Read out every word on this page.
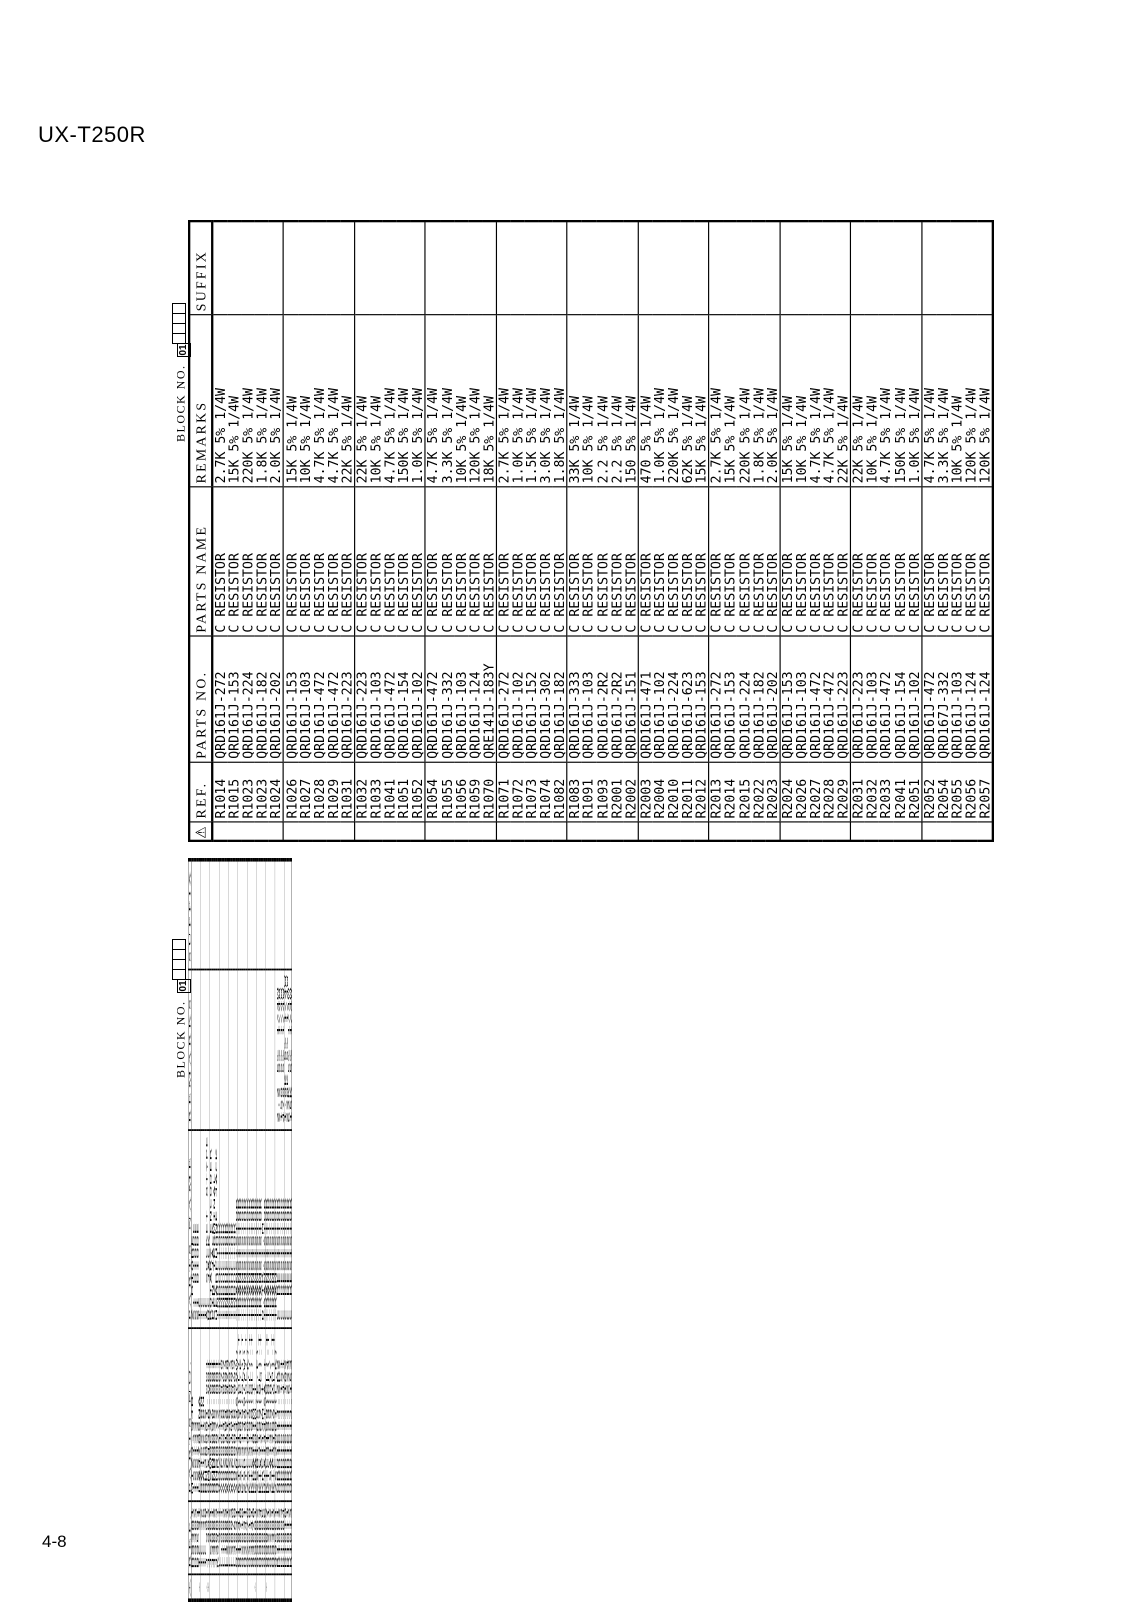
UX-T250R
4-8
⚠	REF.	PARTS NO.	PARTS NAME	REMARKS	SUFFIX
	D9301	MTZ3-9JB	Z DIODE		
	D9302	1SS133	SI DIODE		
	D9303	1SS133	SI DIODE		
	D9501	1SS133	SI DIODE		
⚠	IC 31	LA4705NA	IC		
	IC 32	BA15218N	IC		
	IC 35	BA15218N	IC		
	IC 38	BH3852S	IC		
⚠	901	QNC0001-001	AC SOCKET 8TYPE		
⚠	902	QMA431B-V01	DC JACK		
	JS801	QSW0547-001	ROTARY ENCODER		
	J3001	QNN0090-001	PIN JACK		
	J3002	QNB0035-001	SPK TERMINAL		
	J3003	QNS0072-001	HEADPHONE JACK		
	K9401	QQR0272-001	INDUCTOR		
	901	VQZ0113-001	INDUCTOR		
	L1001	VQP0018-470	INDUCTOR		
	L1002	VQZ0048-007	INDUCTOR		
	L1003	VQZ0104-003	INDUCTOR		
	L2001	VQP0018-470	INDUCTOR		
	L2002	VQZ0048-007	INDUCTOR		
	L2003	VQZ0104-003	INDUCTOR		
	L3070	VQP0018-470	INDUCTOR		
	L3080	VQZ0048-007	INDUCTOR		
	Q1031	2SD2144S(VW)	TRANSISTOR		
	Q1041	KTC3199(GL)-T	TRANSISTOR		
	Q1070	2SC2001(L,K)	TRANSISTOR		
	Q2010	KTC3199(GL)-T	TRANSISTOR		
	Q2031	2SD2144S(VW)	TRANSISTOR		
	Q2041	KTC3199(GL)-T	TRANSISTOR		
	Q2070	2SC2001(L,K)	TRANSISTOR		
	Q3010	KTC3199(GL)-T	TRANSISTOR		
	Q3041	KTC3199(GL)-T	TRANSISTOR		
	Q3070	KRA101M-T	TRANSISTOR		
⚠	Q9001	KRA101M-T	TRANSISTOR		
	Q9002	2SB1565(E,F)	TRANSISTOR		
	Q9003	KTC3199(GL)-T	TRANSISTOR		
	Q9004	KTA1267(YG)-T	TRANSISTOR		
	Q9005	KRC114M-T	D.TR.I.M		
	Q9006	DTA144TSA-T	TRANSISTOR		
⚠	Q9007	KTC3199(GL)-T	TRANSISTOR		
	Q9201	KTC3199(GL)-T	TRANSISTOR		
	Q9202	2SA1359(OY/	TRANSISTOR		
	Q9301	KTA1267(YG)-T	TRANSISTOR		
	Q9302	KTC3199(GL)-T	TRANSISTOR		
	Q9501	2SC2001(L,K)	TRANSISTOR		
	R1001	QRD161J-2R2	RESISTOR	2.2 5% 1/4W	
	R1002	QRD161J-2R2	RESISTOR	2.2 5% 1/4W	
	R1003	QRD161J-151	RESISTOR	150 5% 1/4W	
	R1004	QRD161J-471	RESISTOR	470 5% 1/4W	
	R1010	QRD161J-102	RESISTOR	1.0K 5% 1/4W	
	R1011	QRD161J-224	RESISTOR	220K 5% 1/4W	
	R1012	QRD161J-623	RESISTOR	62K 5% 1/4W	
	R1013	QRD161J-153	C RESISTOR	15K 5% 1/4W	
BLOCK NO. 01
⚠	REF.	PARTS NO.	PARTS NAME	REMARKS	SUFFIX
	R1014	QRD161J-272	C RESISTOR	2.7K 5% 1/4W	
	R1015	QRD161J-153	C RESISTOR	15K 5% 1/4W	
	R1023	QRD161J-224	C RESISTOR	220K 5% 1/4W	
	R1023	QRD161J-182	C RESISTOR	1.8K 5% 1/4W	
	R1024	QRD161J-202	C RESISTOR	2.0K 5% 1/4W	
	R1026	QRD161J-153	C RESISTOR	15K 5% 1/4W	
	R1027	QRD161J-103	C RESISTOR	10K 5% 1/4W	
	R1028	QRD161J-472	C RESISTOR	4.7K 5% 1/4W	
	R1029	QRD161J-472	C RESISTOR	4.7K 5% 1/4W	
	R1031	QRD161J-223	C RESISTOR	22K 5% 1/4W	
	R1032	QRD161J-223	C RESISTOR	22K 5% 1/4W	
	R1033	QRD161J-103	C RESISTOR	10K 5% 1/4W	
	R1041	QRD161J-472	C RESISTOR	4.7K 5% 1/4W	
	R1051	QRD161J-154	C RESISTOR	150K 5% 1/4W	
	R1052	QRD161J-102	C RESISTOR	1.0K 5% 1/4W	
	R1054	QRD161J-472	C RESISTOR	4.7K 5% 1/4W	
	R1055	QRD161J-332	C RESISTOR	3.3K 5% 1/4W	
	R1056	QRD161J-103	C RESISTOR	10K 5% 1/4W	
	R1059	QRD161J-124	C RESISTOR	120K 5% 1/4W	
	R1070	QRE141J-183Y	C RESISTOR	18K 5% 1/4W	
	R1071	QRD161J-272	C RESISTOR	2.7K 5% 1/4W	
	R1072	QRD161J-102	C RESISTOR	1.0K 5% 1/4W	
	R1073	QRD161J-152	C RESISTOR	1.5K 5% 1/4W	
	R1074	QRD161J-302	C RESISTOR	3.0K 5% 1/4W	
	R1082	QRD161J-182	C RESISTOR	1.8K 5% 1/4W	
	R1083	QRD161J-333	C RESISTOR	33K 5% 1/4W	
	R1091	QRD161J-103	C RESISTOR	10K 5% 1/4W	
	R1093	QRD161J-2R2	C RESISTOR	2.2 5% 1/4W	
	R2001	QRD161J-2R2	C RESISTOR	2.2 5% 1/4W	
	R2002	QRD161J-151	C RESISTOR	150 5% 1/4W	
	R2003	QRD161J-471	C RESISTOR	470 5% 1/4W	
	R2004	QRD161J-102	C RESISTOR	1.0K 5% 1/4W	
	R2010	QRD161J-224	C RESISTOR	220K 5% 1/4W	
	R2011	QRD161J-623	C RESISTOR	62K 5% 1/4W	
	R2012	QRD161J-153	C RESISTOR	15K 5% 1/4W	
	R2013	QRD161J-272	C RESISTOR	2.7K 5% 1/4W	
	R2014	QRD161J-153	C RESISTOR	15K 5% 1/4W	
	R2015	QRD161J-224	C RESISTOR	220K 5% 1/4W	
	R2022	QRD161J-182	C RESISTOR	1.8K 5% 1/4W	
	R2023	QRD161J-202	C RESISTOR	2.0K 5% 1/4W	
	R2024	QRD161J-153	C RESISTOR	15K 5% 1/4W	
	R2026	QRD161J-103	C RESISTOR	10K 5% 1/4W	
	R2027	QRD161J-472	C RESISTOR	4.7K 5% 1/4W	
	R2028	QRD161J-472	C RESISTOR	4.7K 5% 1/4W	
	R2029	QRD161J-223	C RESISTOR	22K 5% 1/4W	
	R2031	QRD161J-223	C RESISTOR	22K 5% 1/4W	
	R2032	QRD161J-103	C RESISTOR	10K 5% 1/4W	
	R2033	QRD161J-472	C RESISTOR	4.7K 5% 1/4W	
	R2041	QRD161J-154	C RESISTOR	150K 5% 1/4W	
	R2051	QRD161J-102	C RESISTOR	1.0K 5% 1/4W	
	R2052	QRD161J-472	C RESISTOR	4.7K 5% 1/4W	
	R2054	QRD167J-332	C RESISTOR	3.3K 5% 1/4W	
	R2055	QRD161J-103	C RESISTOR	10K 5% 1/4W	
	R2056	QRD161J-124	C RESISTOR	120K 5% 1/4W	
	R2057	QRD161J-124	C RESISTOR	120K 5% 1/4W	
BLOCK NO. 01
